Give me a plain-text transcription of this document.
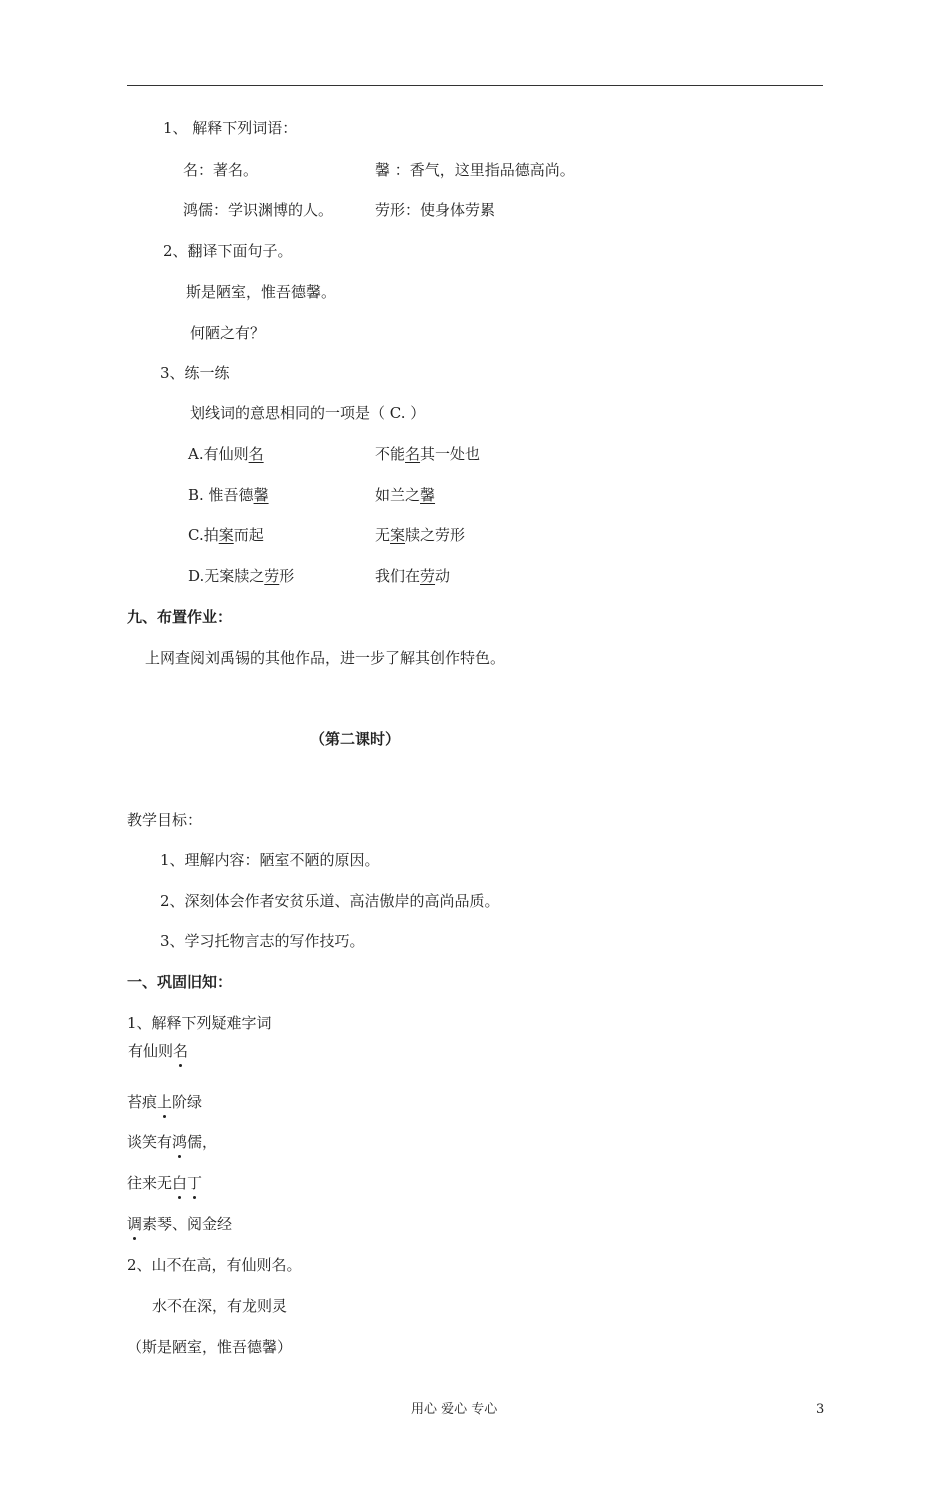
1、 解释下列词语：
名：著名。	馨 ：香气，这里指品德高尚。
鸿儒：学识渊博的人。	劳形：使身体劳累
2、翻译下面句子。
斯是陋室，惟吾德馨。
何陋之有？
3、练一练
划线词的意思相同的一项是（ C. ）
A.有仙则名	不能名其一处也
B. 惟吾德馨	如兰之馨
C.拍案而起	无案牍之劳形
D.无案牍之劳形	我们在劳动
九、布置作业：
上网查阅刘禹锡的其他作品，进一步了解其创作特色。
（第二课时）
教学目标：
1、理解内容：陋室不陋的原因。
2、深刻体会作者安贫乐道、高洁傲岸的高尚品质。
3、学习托物言志的写作技巧。
一、巩固旧知：
1、解释下列疑难字词
有仙则名
苔痕上阶绿
谈笑有鸿儒，
往来无白丁
调素琴、阅金经
2、山不在高，有仙则名。
水不在深，有龙则灵
（斯是陋室，惟吾德馨）
用心 爱心 专心	3
